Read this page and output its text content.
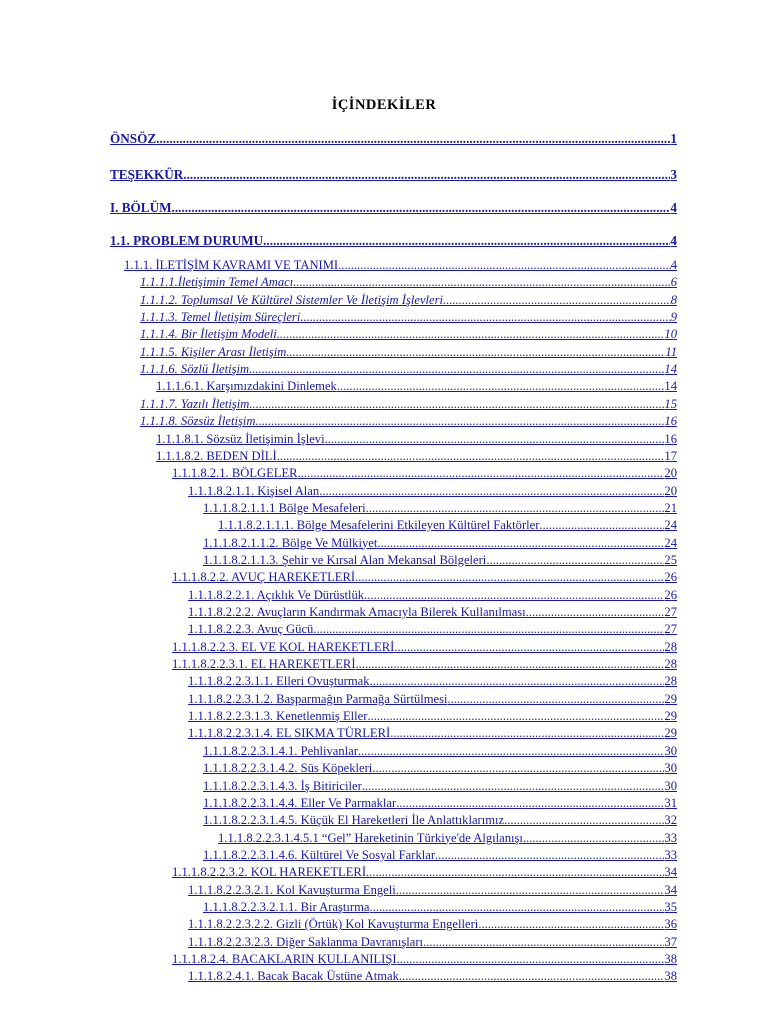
İÇİNDEKİLER
ÖNSÖZ .....	1
TEŞEKKÜR .....	3
I. BÖLÜM .....	4
1.1. PROBLEM DURUMU .....	4
1.1.1. İLETİŞİM KAVRAMI VE TANIMI .....	4
1.1.1.1.İletişimin Temel Amacı .....	6
1.1.1.2. Toplumsal Ve Kültürel Sistemler Ve İletişim İşlevleri .....	8
1.1.1.3. Temel İletişim Süreçleri .....	9
1.1.1.4. Bir İletişim Modeli .....	10
1.1.1.5. Kişiler Arası İletişim .....	11
1.1.1.6. Sözlü İletişim .....	14
1.1.1.6.1. Karşımızdakini Dinlemek .....	14
1.1.1.7. Yazılı İletişim .....	15
1.1.1.8. Sözsüz İletişim .....	16
1.1.1.8.1. Sözsüz İletişimin İşlevi .....	16
1.1.1.8.2. BEDEN DİLİ .....	17
1.1.1.8.2.1. BÖLGELER .....	20
1.1.1.8.2.1.1. Kişisel Alan .....	20
1.1.1.8.2.1.1.1 Bölge Mesafeleri .....	21
1.1.1.8.2.1.1.1. Bölge Mesafelerini Etkileyen Kültürel Faktörler .....	24
1.1.1.8.2.1.1.2. Bölge Ve Mülkiyet .....	24
1.1.1.8.2.1.1.3. Şehir ve Kırsal Alan Mekansal Bölgeleri .....	25
1.1.1.8.2.2. AVUÇ HAREKETLERİ .....	26
1.1.1.8.2.2.1. Açıklık Ve Dürüstlük .....	26
1.1.1.8.2.2.2. Avuçların Kandırmak Amacıyla Bilerek Kullanılması .....	27
1.1.1.8.2.2.3. Avuç Gücü .....	27
1.1.1.8.2.2.3. EL VE KOL HAREKETLERİ .....	28
1.1.1.8.2.2.3.1. EL HAREKETLERİ .....	28
1.1.1.8.2.2.3.1.1. Elleri Ovuşturmak .....	28
1.1.1.8.2.2.3.1.2. Başparmağın Parmağa Sürtülmesi .....	29
1.1.1.8.2.2.3.1.3. Kenetlenmiş Eller .....	29
1.1.1.8.2.2.3.1.4. EL SIKMA TÜRLERİ .....	29
1.1.1.8.2.2.3.1.4.1. Pehlivanlar .....	30
1.1.1.8.2.2.3.1.4.2. Süs Köpekleri .....	30
1.1.1.8.2.2.3.1.4.3. İş Bitiriciler .....	30
1.1.1.8.2.2.3.1.4.4. Eller Ve Parmaklar .....	31
1.1.1.8.2.2.3.1.4.5. Küçük El Hareketleri İle Anlattıklarımız .....	32
1.1.1.8.2.2.3.1.4.5.1 “Gel” Hareketinin Türkiye'de Algılanışı .....	33
1.1.1.8.2.2.3.1.4.6. Kültürel Ve Sosyal Farklar .....	33
1.1.1.8.2.2.3.2. KOL HAREKETLERİ .....	34
1.1.1.8.2.2.3.2.1. Kol Kavuşturma Engeli .....	34
1.1.1.8.2.2.3.2.1.1. Bir Araştırma .....	35
1.1.1.8.2.2.3.2.2. Gizli (Örtük) Kol Kavuşturma Engelleri .....	36
1.1.1.8.2.2.3.2.3. Diğer Saklanma Davranışları .....	37
1.1.1.8.2.4. BACAKLARIN KULLANILIŞI .....	38
1.1.1.8.2.4.1. Bacak Bacak Üstüne Atmak .....	38
